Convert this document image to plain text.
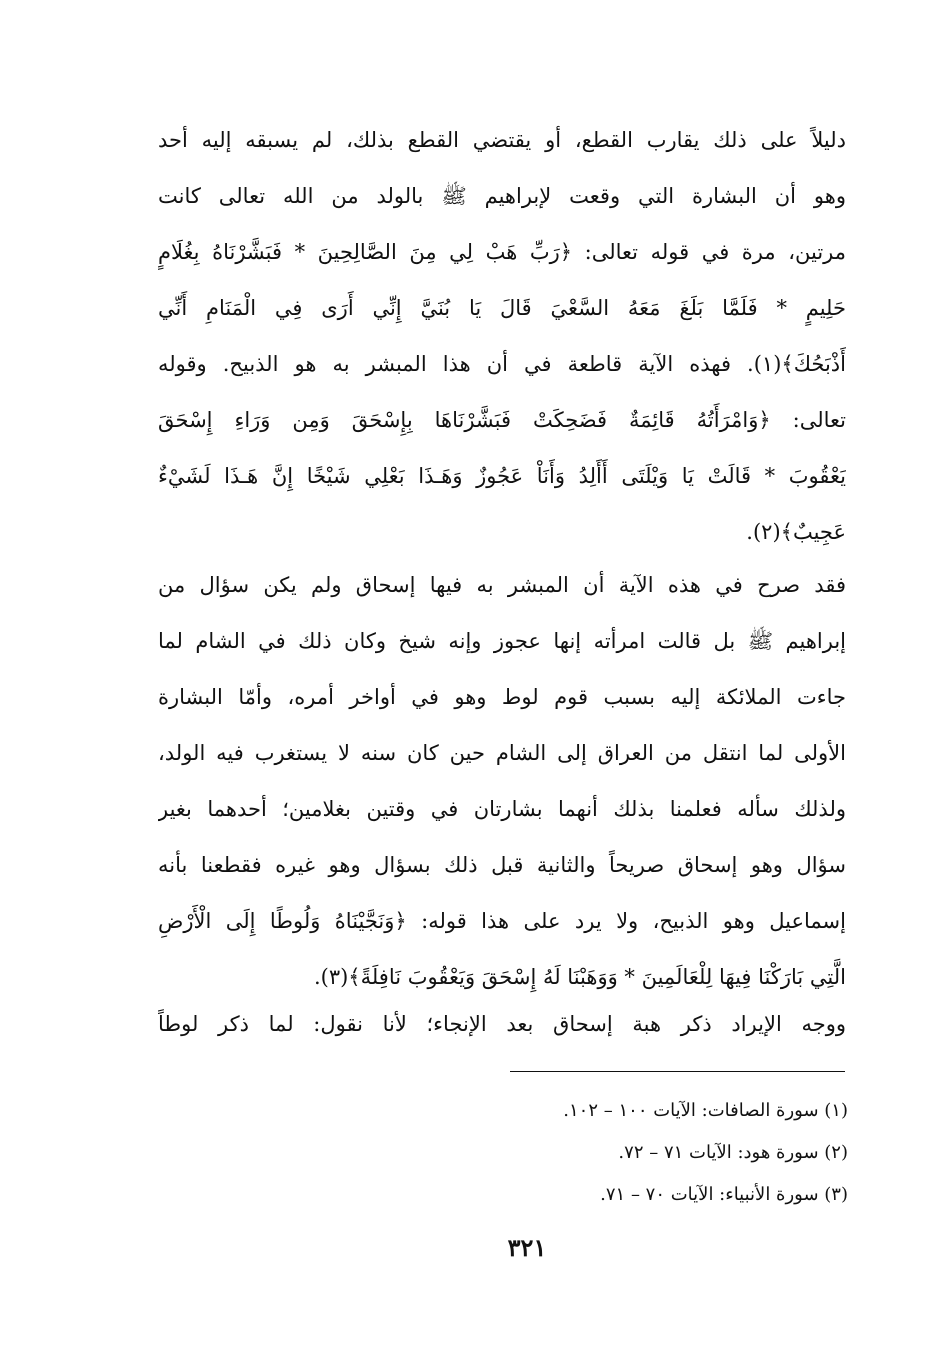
دليلاً على ذلك يقارب القطع، أو يقتضي القطع بذلك، لم يسبقه إليه أحد
وهو أن البشارة التي وقعت لإبراهيم ﷺ بالولد من الله تعالى كانت
مرتين، مرة في قوله تعالى: ﴿رَبِّ هَبْ لِي مِنَ الصَّالِحِينَ * فَبَشَّرْنَاهُ بِغُلَامٍ
حَلِيمٍ * فَلَمَّا بَلَغَ مَعَهُ السَّعْيَ قَالَ يَا بُنَيَّ إِنِّي أَرَى فِي الْمَنَامِ أَنِّي
أَذْبَحُكَ﴾(١). فهذه الآية قاطعة في أن هذا المبشر به هو الذبيح. وقوله
تعالى: ﴿وَامْرَأَتُهُ قَائِمَةٌ فَضَحِكَتْ فَبَشَّرْنَاهَا بِإِسْحَقَ وَمِن وَرَاءِ إِسْحَقَ
يَعْقُوبَ * قَالَتْ يَا وَيْلَتَى أَأَلِدُ وَأَنَاْ عَجُوزٌ وَهَـذَا بَعْلِي شَيْخًا إِنَّ هَـذَا لَشَيْءٌ
عَجِيبٌ﴾(٢).
فقد صرح في هذه الآية أن المبشر به فيها إسحاق ولم يكن سؤال من
إبراهيم ﷺ بل قالت امرأته إنها عجوز وإنه شيخ وكان ذلك في الشام لما
جاءت الملائكة إليه بسبب قوم لوط وهو في أواخر أمره، وأمّا البشارة
الأولى لما انتقل من العراق إلى الشام حين كان سنه لا يستغرب فيه الولد،
ولذلك سأله فعلمنا بذلك أنهما بشارتان في وقتين بغلامين؛ أحدهما بغير
سؤال وهو إسحاق صريحاً والثانية قبل ذلك بسؤال وهو غيره فقطعنا بأنه
إسماعيل وهو الذبيح، ولا يرد على هذا قوله: ﴿وَنَجَّيْنَاهُ وَلُوطًا إِلَى الْأَرْضِ
الَّتِي بَارَكْنَا فِيهَا لِلْعَالَمِينَ * وَوَهَبْنَا لَهُ إِسْحَقَ وَيَعْقُوبَ نَافِلَةً﴾(٣).
ووجه الإيراد ذكر هبة إسحاق بعد الإنجاء؛ لأنا نقول: لما ذكر لوطاً
(١) سورة الصافات: الآيات ١٠٠ – ١٠٢.
(٢) سورة هود: الآيات ٧١ – ٧٢.
(٣) سورة الأنبياء: الآيات ٧٠ – ٧١.
٣٢١
